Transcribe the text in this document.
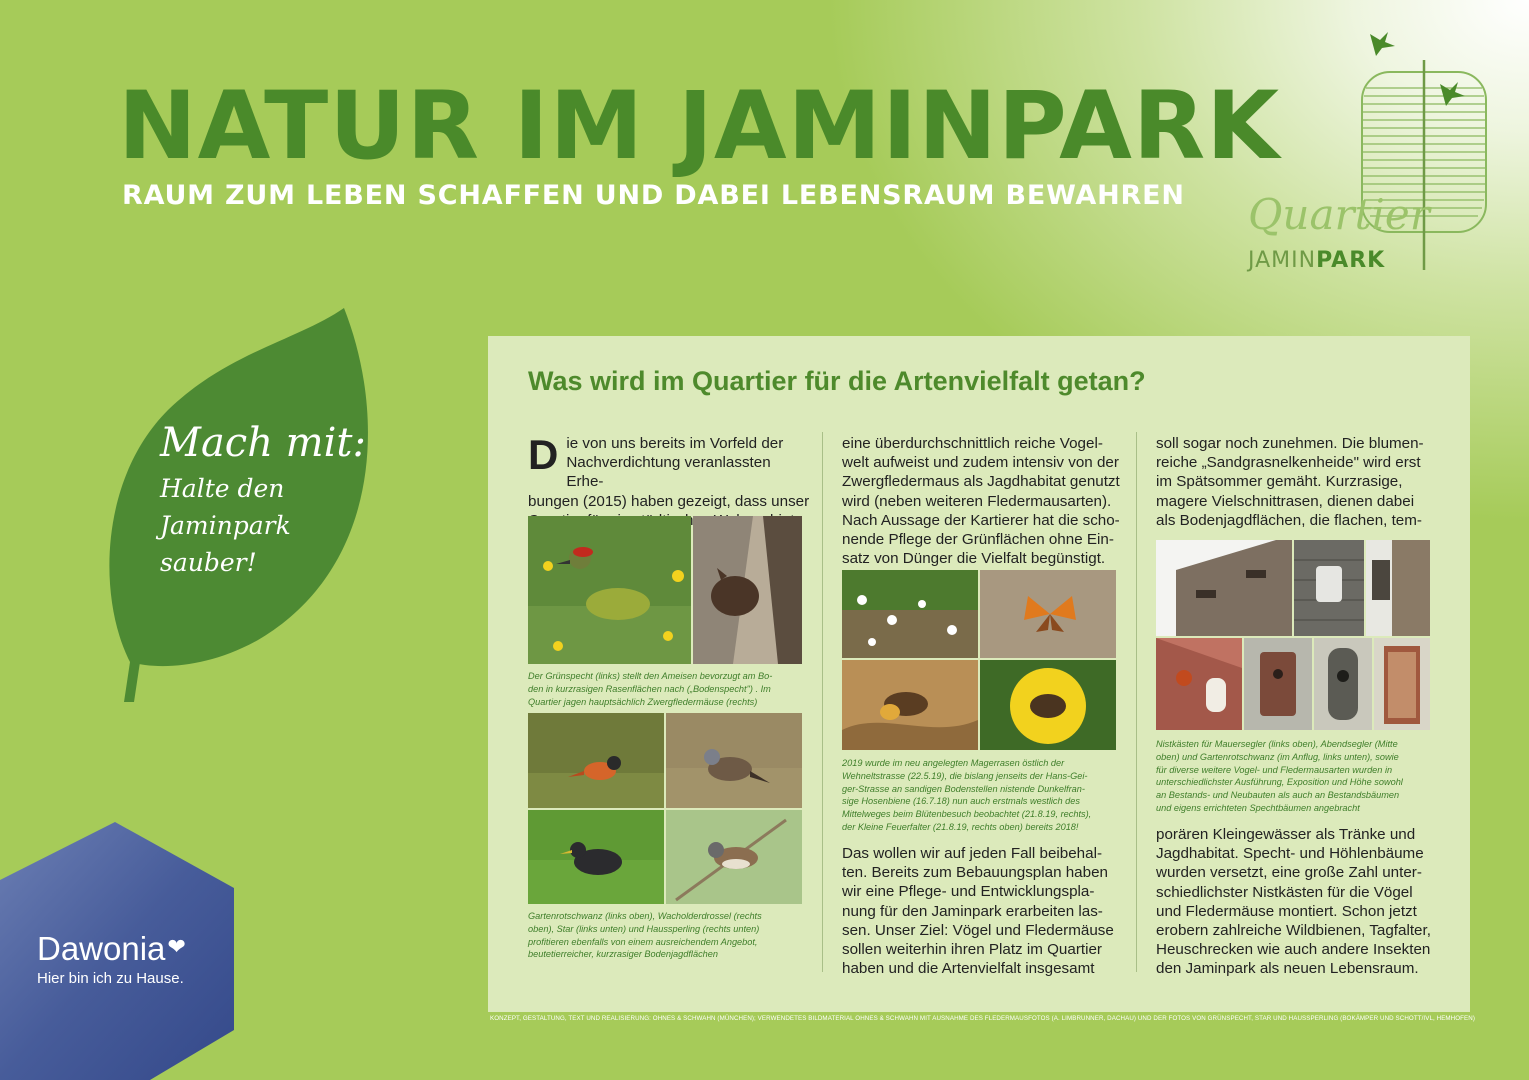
NATUR IM JAMINPARK
RAUM ZUM LEBEN SCHAFFEN UND DABEI LEBENSRAUM BEWAHREN Quartier
JAMINPARK
Mach mit:
Halte den
Jaminpark
sauber!
Dawonia❤
Hier bin ich zu Hause.
Was wird im Quartier für die Artenvielfalt getan?
D ie von uns bereits im Vorfeld der
Nachverdichtung veranlassten Erhe-
bungen (2015) haben gezeigt, dass unser
Der Grünspecht (links) stellt den Ameisen bevorzugt am Bo-
den in kurzrasigen Rasenflächen nach („Bodenspecht") . Im
Quartier jagen hauptsächlich Zwergfledermäuse (rechts)
Gartenrotschwanz (links oben), Wacholderdrossel (rechts
oben), Star (links unten) und Haussperling (rechts unten)
profitieren ebenfalls von einem ausreichendem Angebot,
beutetierreicher, kurzrasiger Bodenjagdflächen
eine überdurchschnittlich reiche Vogel-
welt aufweist und zudem intensiv von der
Zwergfledermaus als Jagdhabitat genutzt
wird (neben weiteren Fledermausarten).
Nach Aussage der Kartierer hat die scho-
nende Pflege der Grünflächen ohne Ein-
satz von Dünger die Vielfalt begünstigt.
2019 wurde im neu angelegten Magerrasen östlich der
Wehneltstrasse (22.5.19), die bislang jenseits der Hans-Gei-
ger-Strasse an sandigen Bodenstellen nistende Dunkelfran-
sige Hosenbiene (16.7.18) nun auch erstmals westlich des
Mittelweges beim Blütenbesuch beobachtet (21.8.19, rechts),
der Kleine Feuerfalter (21.8.19, rechts oben) bereits 2018!
Das wollen wir auf jeden Fall beibehal-
ten. Bereits zum Bebauungsplan haben
wir eine Pflege- und Entwicklungspla-
nung für den Jaminpark erarbeiten las-
sen. Unser Ziel: Vögel und Fledermäuse
sollen weiterhin ihren Platz im Quartier
haben und die Artenvielfalt insgesamt
soll sogar noch zunehmen. Die blumen-
reiche „Sandgrasnelkenheide" wird erst
im Spätsommer gemäht. Kurzrasige,
magere Vielschnittrasen, dienen dabei
als Bodenjagdflächen, die flachen, tem-
Nistkästen für Mauersegler (links oben), Abendsegler (Mitte
oben) und Gartenrotschwanz (im Anflug, links unten), sowie
für diverse weitere Vogel- und Fledermausarten wurden in
unterschiedlichster Ausführung, Exposition und Höhe sowohl
an Bestands- und Neubauten als auch an Bestandsbäumen
und eigens errichteten Spechtbäumen angebracht
porären Kleingewässer als Tränke und
Jagdhabitat. Specht- und Höhlenbäume
wurden versetzt, eine große Zahl unter-
schiedlichster Nistkästen für die Vögel
und Fledermäuse montiert. Schon jetzt
erobern zahlreiche Wildbienen, Tagfalter,
Heuschrecken wie auch andere Insekten
den Jaminpark als neuen Lebensraum.
KONZEPT, GESTALTUNG, TEXT UND REALISIERUNG: OHNES & SCHWAHN (MÜNCHEN); VERWENDETES BILDMATERIAL OHNES & SCHWAHN MIT AUSNAHME DES FLEDERMAUSFOTOS (A. LIMBRUNNER, DACHAU) UND DER FOTOS VON GRÜNSPECHT, STAR UND HAUSSPERLING (BOKÄMPER UND SCHOTT/IVL, HEMHOFEN)
